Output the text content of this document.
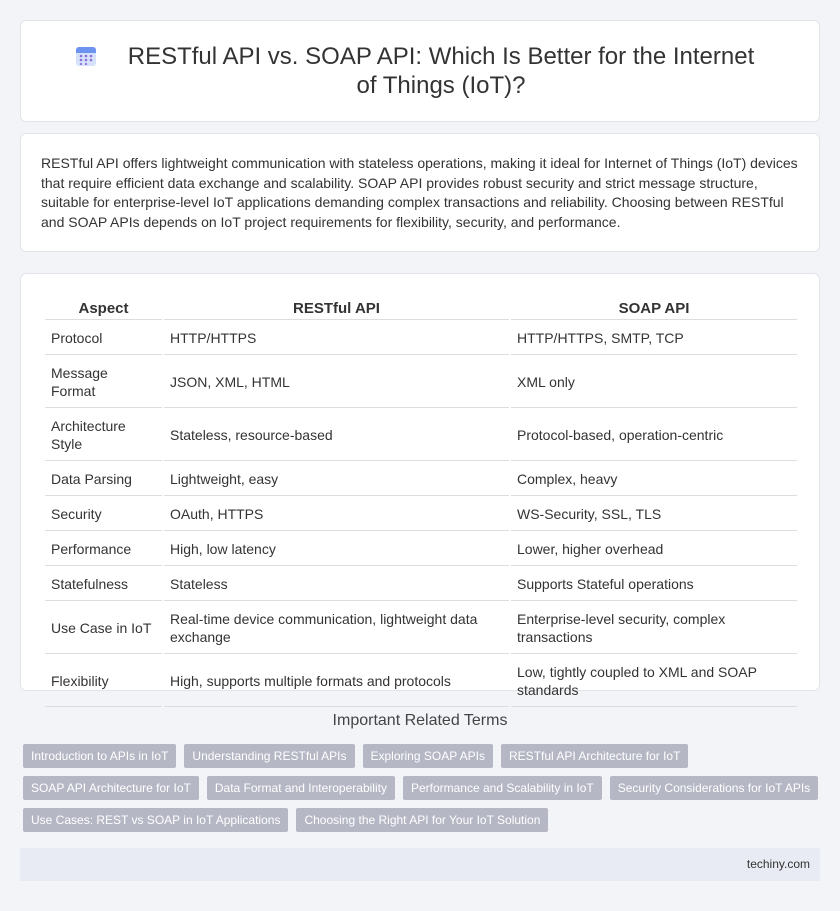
RESTful API vs. SOAP API: Which Is Better for the Internet of Things (IoT)?

RESTful API offers lightweight communication with stateless operations, making it ideal for Internet of Things (IoT) devices that require efficient data exchange and scalability. SOAP API provides robust security and strict message structure, suitable for enterprise-level IoT applications demanding complex transactions and reliability. Choosing between RESTful and SOAP APIs depends on IoT project requirements for flexibility, security, and performance.

Aspect	RESTful API	SOAP API
Protocol	HTTP/HTTPS	HTTP/HTTPS, SMTP, TCP
Message Format	JSON, XML, HTML	XML only
Architecture Style	Stateless, resource-based	Protocol-based, operation-centric
Data Parsing	Lightweight, easy	Complex, heavy
Security	OAuth, HTTPS	WS-Security, SSL, TLS
Performance	High, low latency	Lower, higher overhead
Statefulness	Stateless	Supports Stateful operations
Use Case in IoT	Real-time device communication, lightweight data exchange	Enterprise-level security, complex transactions
Flexibility	High, supports multiple formats and protocols	Low, tightly coupled to XML and SOAP standards
Important Related Terms
Introduction to APIs in IoT	Understanding RESTful APIs	Exploring SOAP APIs	RESTful API Architecture for IoT
SOAP API Architecture for IoT	Data Format and Interoperability	Performance and Scalability in IoT	Security Considerations for IoT APIs
Use Cases: REST vs SOAP in IoT Applications	Choosing the Right API for Your IoT Solution
techiny.com
